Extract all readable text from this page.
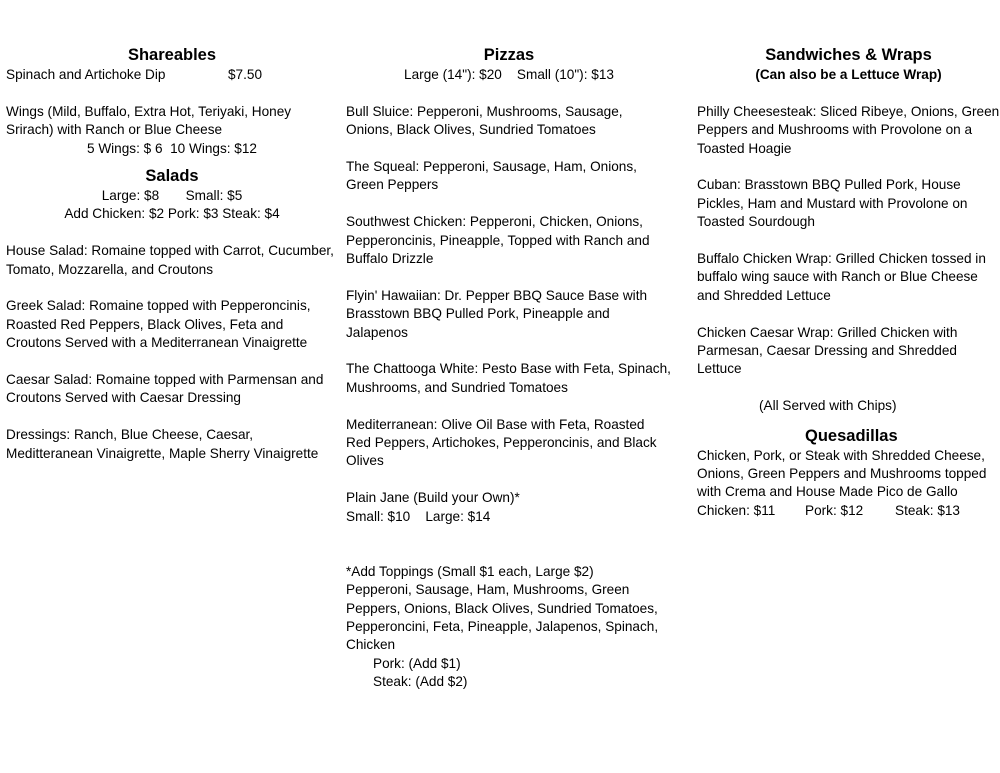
Shareables
Spinach and Artichoke Dip	$7.50

Wings (Mild, Buffalo, Extra Hot, Teriyaki, Honey Srirach) with Ranch or Blue Cheese

5 Wings: $ 6  10 Wings: $12

Salads

Large: $8       Small: $5

Add Chicken: $2 Pork: $3 Steak: $4

House Salad: Romaine topped with Carrot, Cucumber, Tomato, Mozzarella, and Croutons

Greek Salad: Romaine topped with Pepperoncinis, Roasted Red Peppers, Black Olives, Feta and Croutons Served with a Mediterranean Vinaigrette

Caesar Salad: Romaine topped with Parmensan and Croutons Served with Caesar Dressing

Dressings: Ranch, Blue Cheese, Caesar, Meditteranean Vinaigrette, Maple Sherry Vinaigrette

Pizzas

Large (14"): $20    Small (10"): $13

Bull Sluice: Pepperoni, Mushrooms, Sausage, Onions, Black Olives, Sundried Tomatoes

The Squeal: Pepperoni, Sausage, Ham, Onions, Green Peppers

Southwest Chicken: Pepperoni, Chicken, Onions, Pepperoncinis, Pineapple, Topped with Ranch and Buffalo Drizzle

Flyin' Hawaiian: Dr. Pepper BBQ Sauce Base with Brasstown BBQ Pulled Pork, Pineapple and Jalapenos

The Chattooga White: Pesto Base with Feta, Spinach, Mushrooms, and Sundried Tomatoes

Mediterranean: Olive Oil Base with Feta, Roasted Red Peppers, Artichokes, Pepperoncinis, and Black Olives

Plain Jane (Build your Own)*

Small: $10    Large: $14

*Add Toppings (Small $1 each, Large $2)

Pepperoni, Sausage, Ham, Mushrooms, Green Peppers, Onions, Black Olives, Sundried Tomatoes, Pepperoncini, Feta, Pineapple, Jalapenos, Spinach, Chicken

Pork: (Add $1)

Steak: (Add $2)

Sandwiches & Wraps

(Can also be a Lettuce Wrap)

Philly Cheesesteak: Sliced Ribeye, Onions, Green Peppers and Mushrooms with Provolone on a Toasted Hoagie

Cuban: Brasstown BBQ Pulled Pork, House Pickles, Ham and Mustard with Provolone on Toasted Sourdough

Buffalo Chicken Wrap: Grilled Chicken tossed in buffalo wing sauce with Ranch or Blue Cheese and Shredded Lettuce

Chicken Caesar Wrap: Grilled Chicken with Parmesan, Caesar Dressing and Shredded Lettuce

(All Served with Chips)

Quesadillas

Chicken, Pork, or Steak with Shredded Cheese, Onions, Green Peppers and Mushrooms topped with Crema and House Made Pico de Gallo

Chicken: $11 Pork: $12 Steak: $13
